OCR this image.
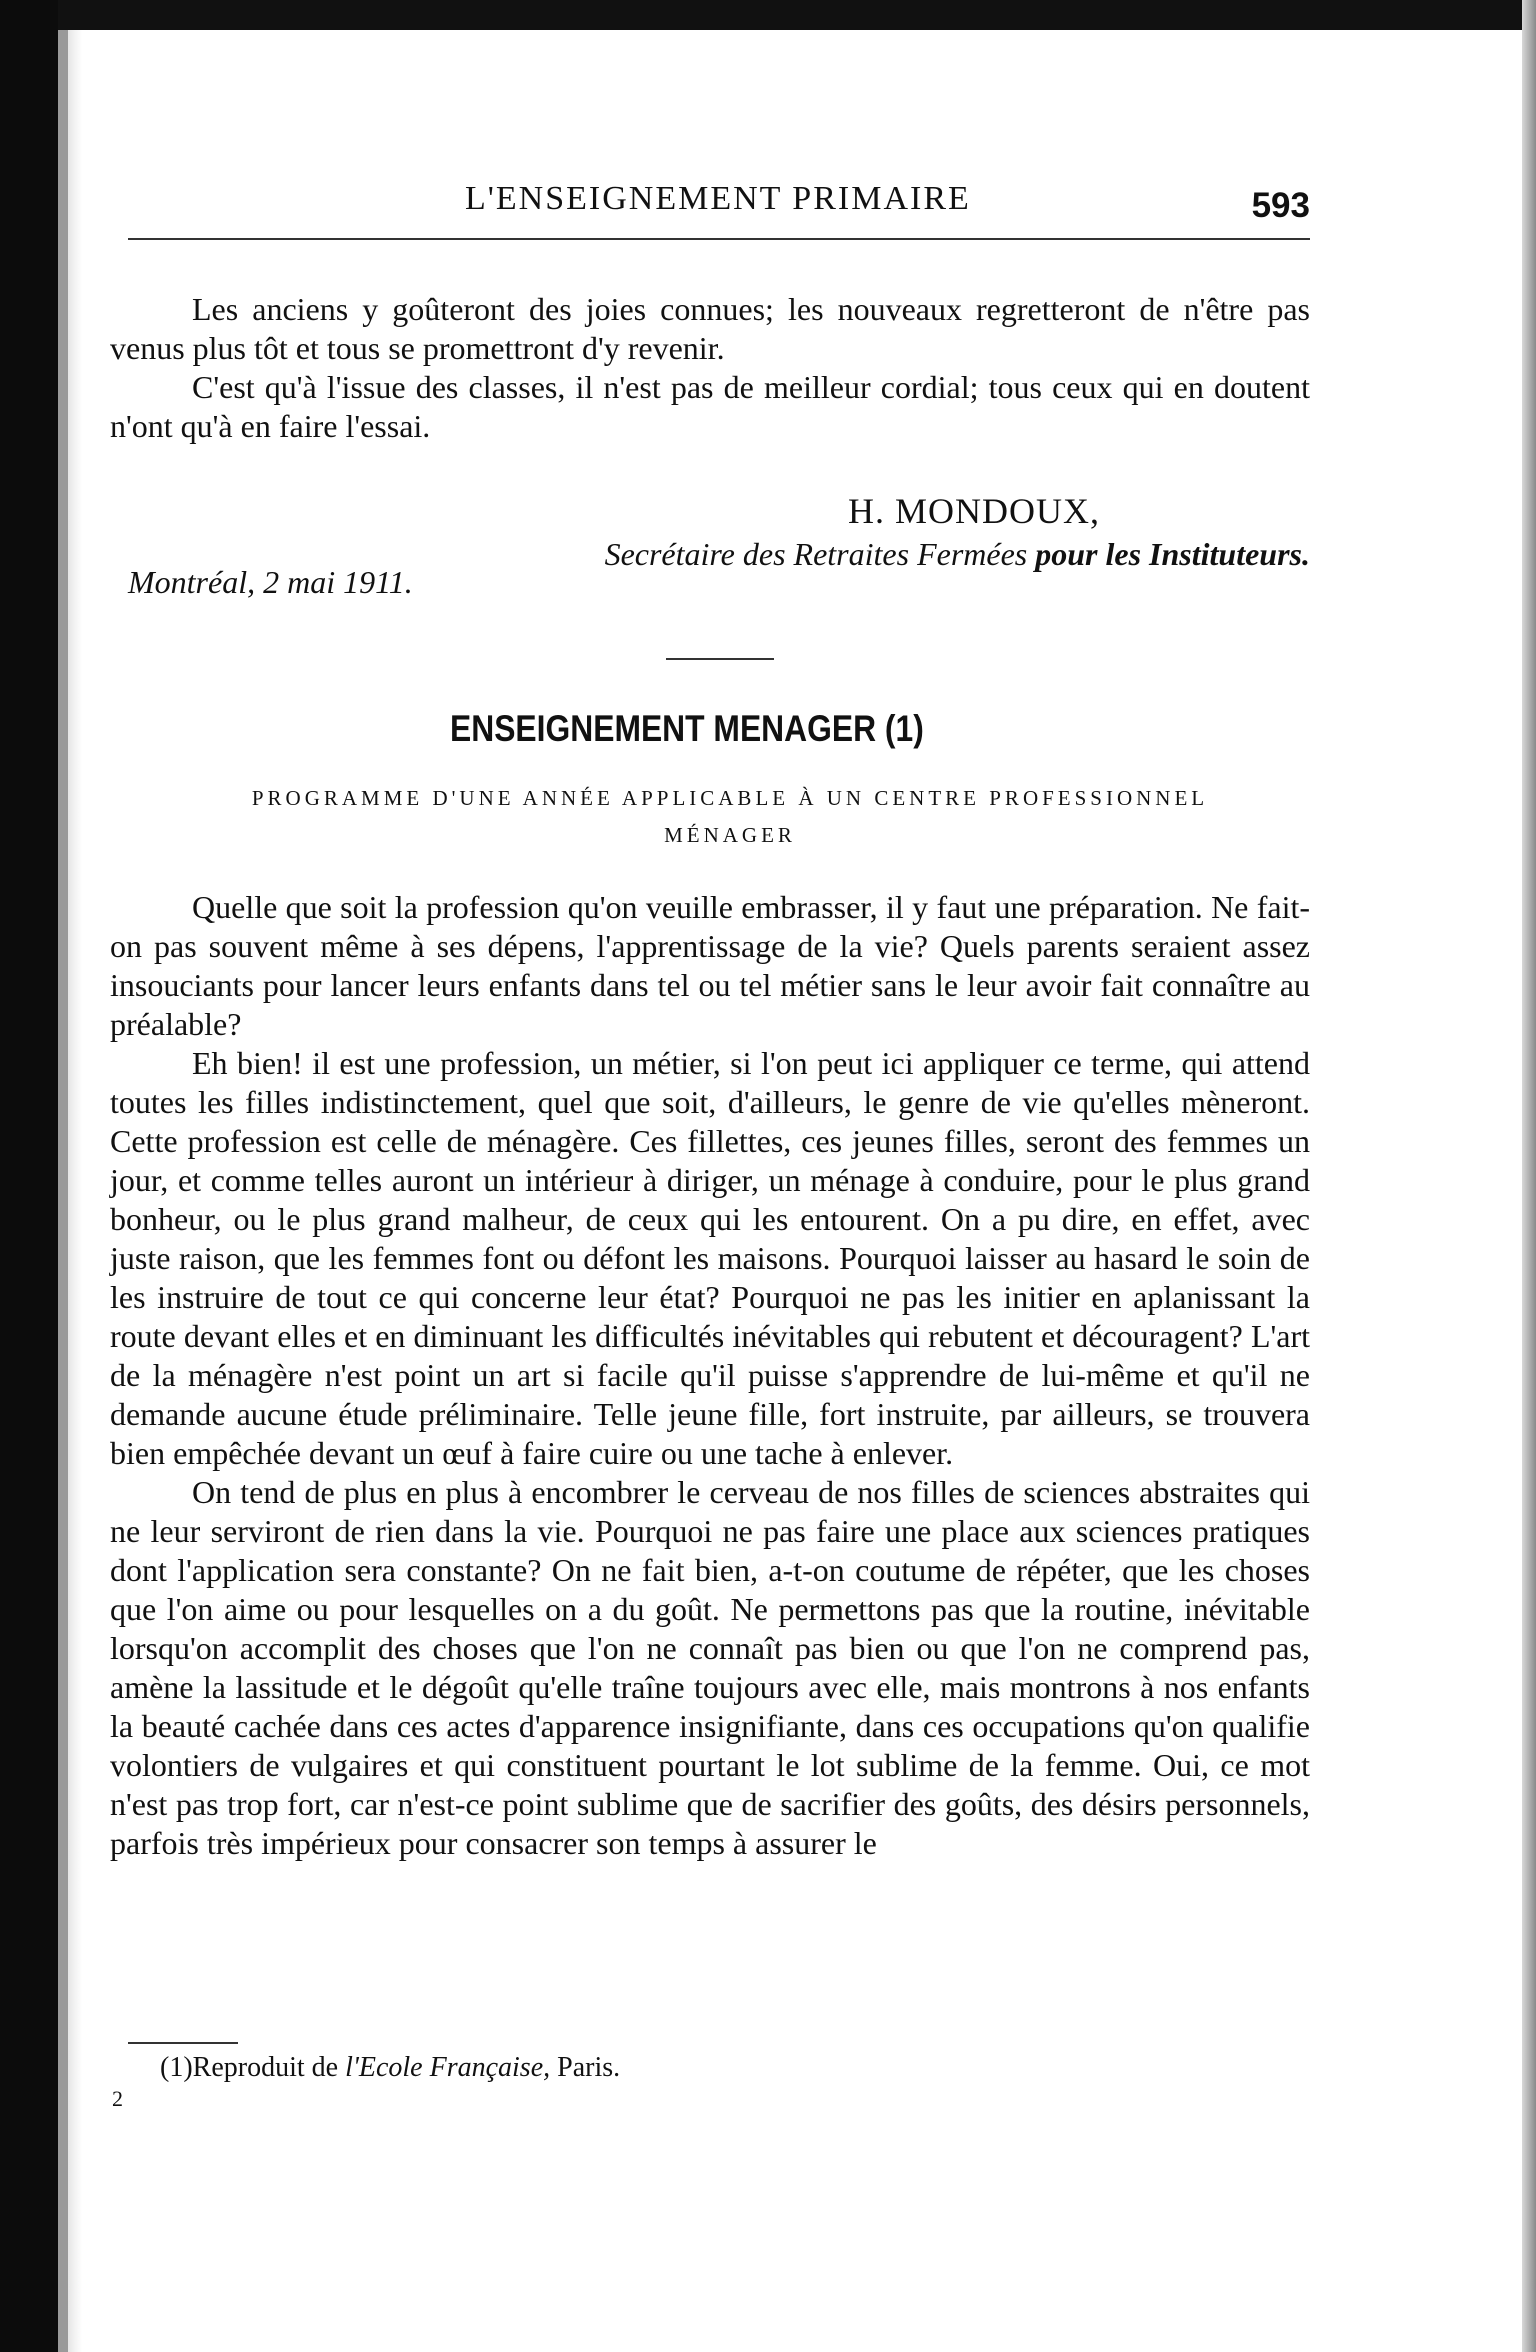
L'ENSEIGNEMENT PRIMAIRE	593

Les anciens y goûteront des joies connues; les nouveaux regretteront de n'être pas venus plus tôt et tous se promettront d'y revenir.

C'est qu'à l'issue des classes, il n'est pas de meilleur cordial; tous ceux qui en doutent n'ont qu'à en faire l'essai.

H. MONDOUX,
Secrétaire des Retraites Fermées pour les Instituteurs.
Montréal, 2 mai 1911.
ENSEIGNEMENT MENAGER (1)
PROGRAMME D'UNE ANNÉE APPLICABLE À UN CENTRE PROFESSIONNEL
MÉNAGER

Quelle que soit la profession qu'on veuille embrasser, il y faut une préparation. Ne fait-on pas souvent même à ses dépens, l'apprentissage de la vie? Quels parents seraient assez insouciants pour lancer leurs enfants dans tel ou tel métier sans le leur avoir fait connaître au préalable?

Eh bien! il est une profession, un métier, si l'on peut ici appliquer ce terme, qui attend toutes les filles indistinctement, quel que soit, d'ailleurs, le genre de vie qu'elles mèneront. Cette profession est celle de ménagère. Ces fillettes, ces jeunes filles, seront des femmes un jour, et comme telles auront un intérieur à diriger, un ménage à conduire, pour le plus grand bonheur, ou le plus grand malheur, de ceux qui les entourent. On a pu dire, en effet, avec juste raison, que les femmes font ou défont les maisons. Pourquoi laisser au hasard le soin de les instruire de tout ce qui concerne leur état? Pourquoi ne pas les initier en aplanissant la route devant elles et en diminuant les difficultés inévitables qui rebutent et découragent? L'art de la ménagère n'est point un art si facile qu'il puisse s'apprendre de lui-même et qu'il ne demande aucune étude préliminaire. Telle jeune fille, fort instruite, par ailleurs, se trouvera bien empêchée devant un œuf à faire cuire ou une tache à enlever.

On tend de plus en plus à encombrer le cerveau de nos filles de sciences abstraites qui ne leur serviront de rien dans la vie. Pourquoi ne pas faire une place aux sciences pratiques dont l'application sera constante? On ne fait bien, a-t-on coutume de répéter, que les choses que l'on aime ou pour lesquelles on a du goût. Ne permettons pas que la routine, inévitable lorsqu'on accomplit des choses que l'on ne connaît pas bien ou que l'on ne comprend pas, amène la lassitude et le dégoût qu'elle traîne toujours avec elle, mais montrons à nos enfants la beauté cachée dans ces actes d'apparence insignifiante, dans ces occupations qu'on qualifie volontiers de vulgaires et qui constituent pourtant le lot sublime de la femme. Oui, ce mot n'est pas trop fort, car n'est-ce point sublime que de sacrifier des goûts, des désirs personnels, parfois très impérieux pour consacrer son temps à assurer le

(1)Reproduit de l'Ecole Française, Paris.
2
